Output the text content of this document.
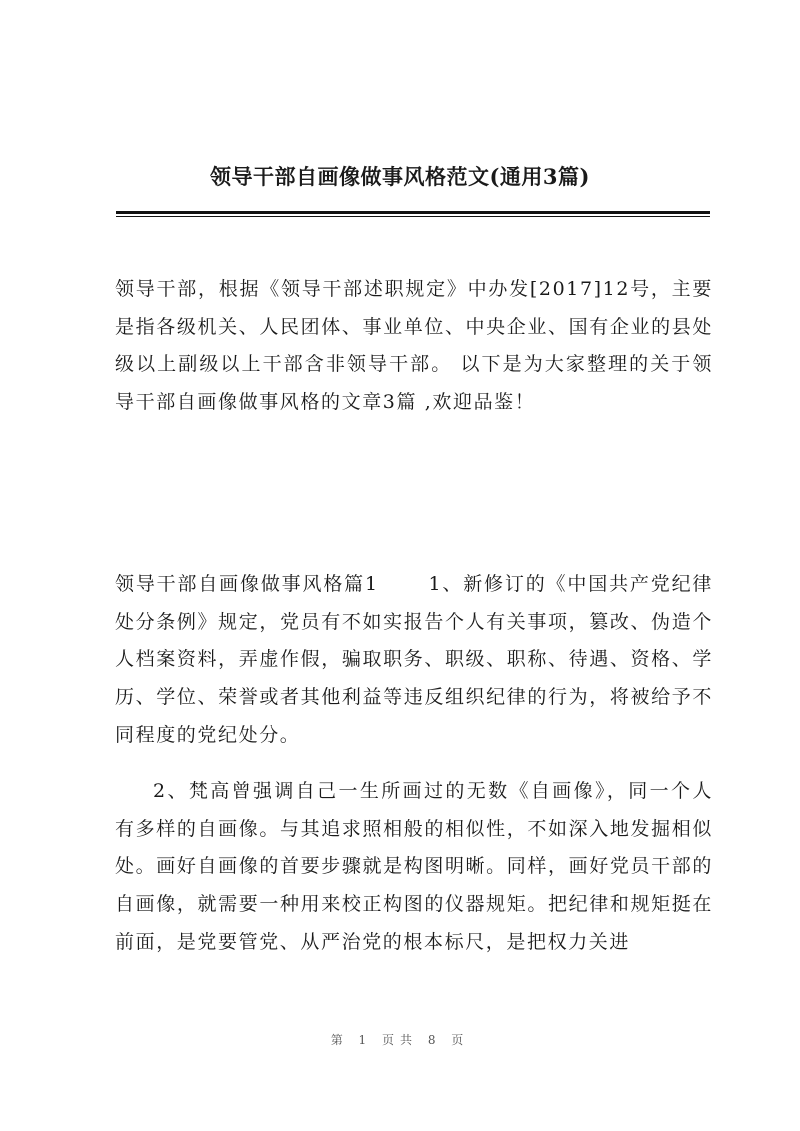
领导干部自画像做事风格范文(通用3篇)

领导干部，根据《领导干部述职规定》中办发[2017]12号，主要是指各级机关、人民团体、事业单位、中央企业、国有企业的县处级以上副级以上干部含非领导干部。 以下是为大家整理的关于领导干部自画像做事风格的文章3篇 ,欢迎品鉴！

领导干部自画像做事风格篇1　　 1、新修订的《中国共产党纪律处分条例》规定，党员有不如实报告个人有关事项，篡改、伪造个人档案资料，弄虚作假，骗取职务、职级、职称、待遇、资格、学历、学位、荣誉或者其他利益等违反组织纪律的行为，将被给予不同程度的党纪处分。

2、梵高曾强调自己一生所画过的无数《自画像》，同一个人有多样的自画像。与其追求照相般的相似性，不如深入地发掘相似处。画好自画像的首要步骤就是构图明晰。同样，画好党员干部的自画像，就需要一种用来校正构图的仪器规矩。把纪律和规矩挺在前面，是党要管党、从严治党的根本标尺，是把权力关进

第 1 页共 8 页
